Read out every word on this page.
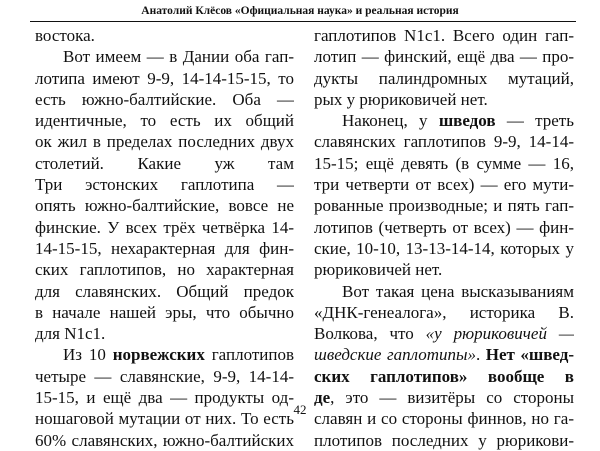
Анатолий Клёсов «Официальная наука» и реальная история
востока.
Вот имеем — в Дании оба гап-
лотипа имеют 9-9, 14-14-15-15, то
есть южно-балтийские. Оба —
идентичные, то есть их общий
ок жил в пределах последних двух
столетий. Какие уж там
Три эстонских гаплотипа —
опять южно-балтийские, вовсе не
финские. У всех трёх четвёрка 14-
14-15-15, нехарактерная для фин-
ских гаплотипов, но характерная
для славянских. Общий предок
в начале нашей эры, что обычно
для N1c1.
Из 10 норвежских гаплотипов
четыре — славянские, 9-9, 14-14-
15-15, и ещё два — продукты од-
ношаговой мутации от них. То есть
60% славянских, южно-балтийских
гаплотипов N1c1. Всего один гап-
лотип — финский, ещё два — про-
дукты палиндромных мутаций,
рых у рюриковичей нет.
Наконец, у шведов — треть
славянских гаплотипов 9-9, 14-14-
15-15; ещё девять (в сумме — 16,
три четверти от всех) — его мути-
рованные производные; и пять гап-
лотипов (четверть от всех) — фин-
ские, 10-10, 13-13-14-14, которых у
рюриковичей нет.
Вот такая цена высказываниям
«ДНК-генеалога», историка В.
Волкова, что «у рюриковичей —
шведские гаплотипы». Нет «швед-
ских гаплотипов» вообще в
де, это — визитёры со стороны
славян и со стороны финнов, но га-
плотипов последних у рюрикови-
42
